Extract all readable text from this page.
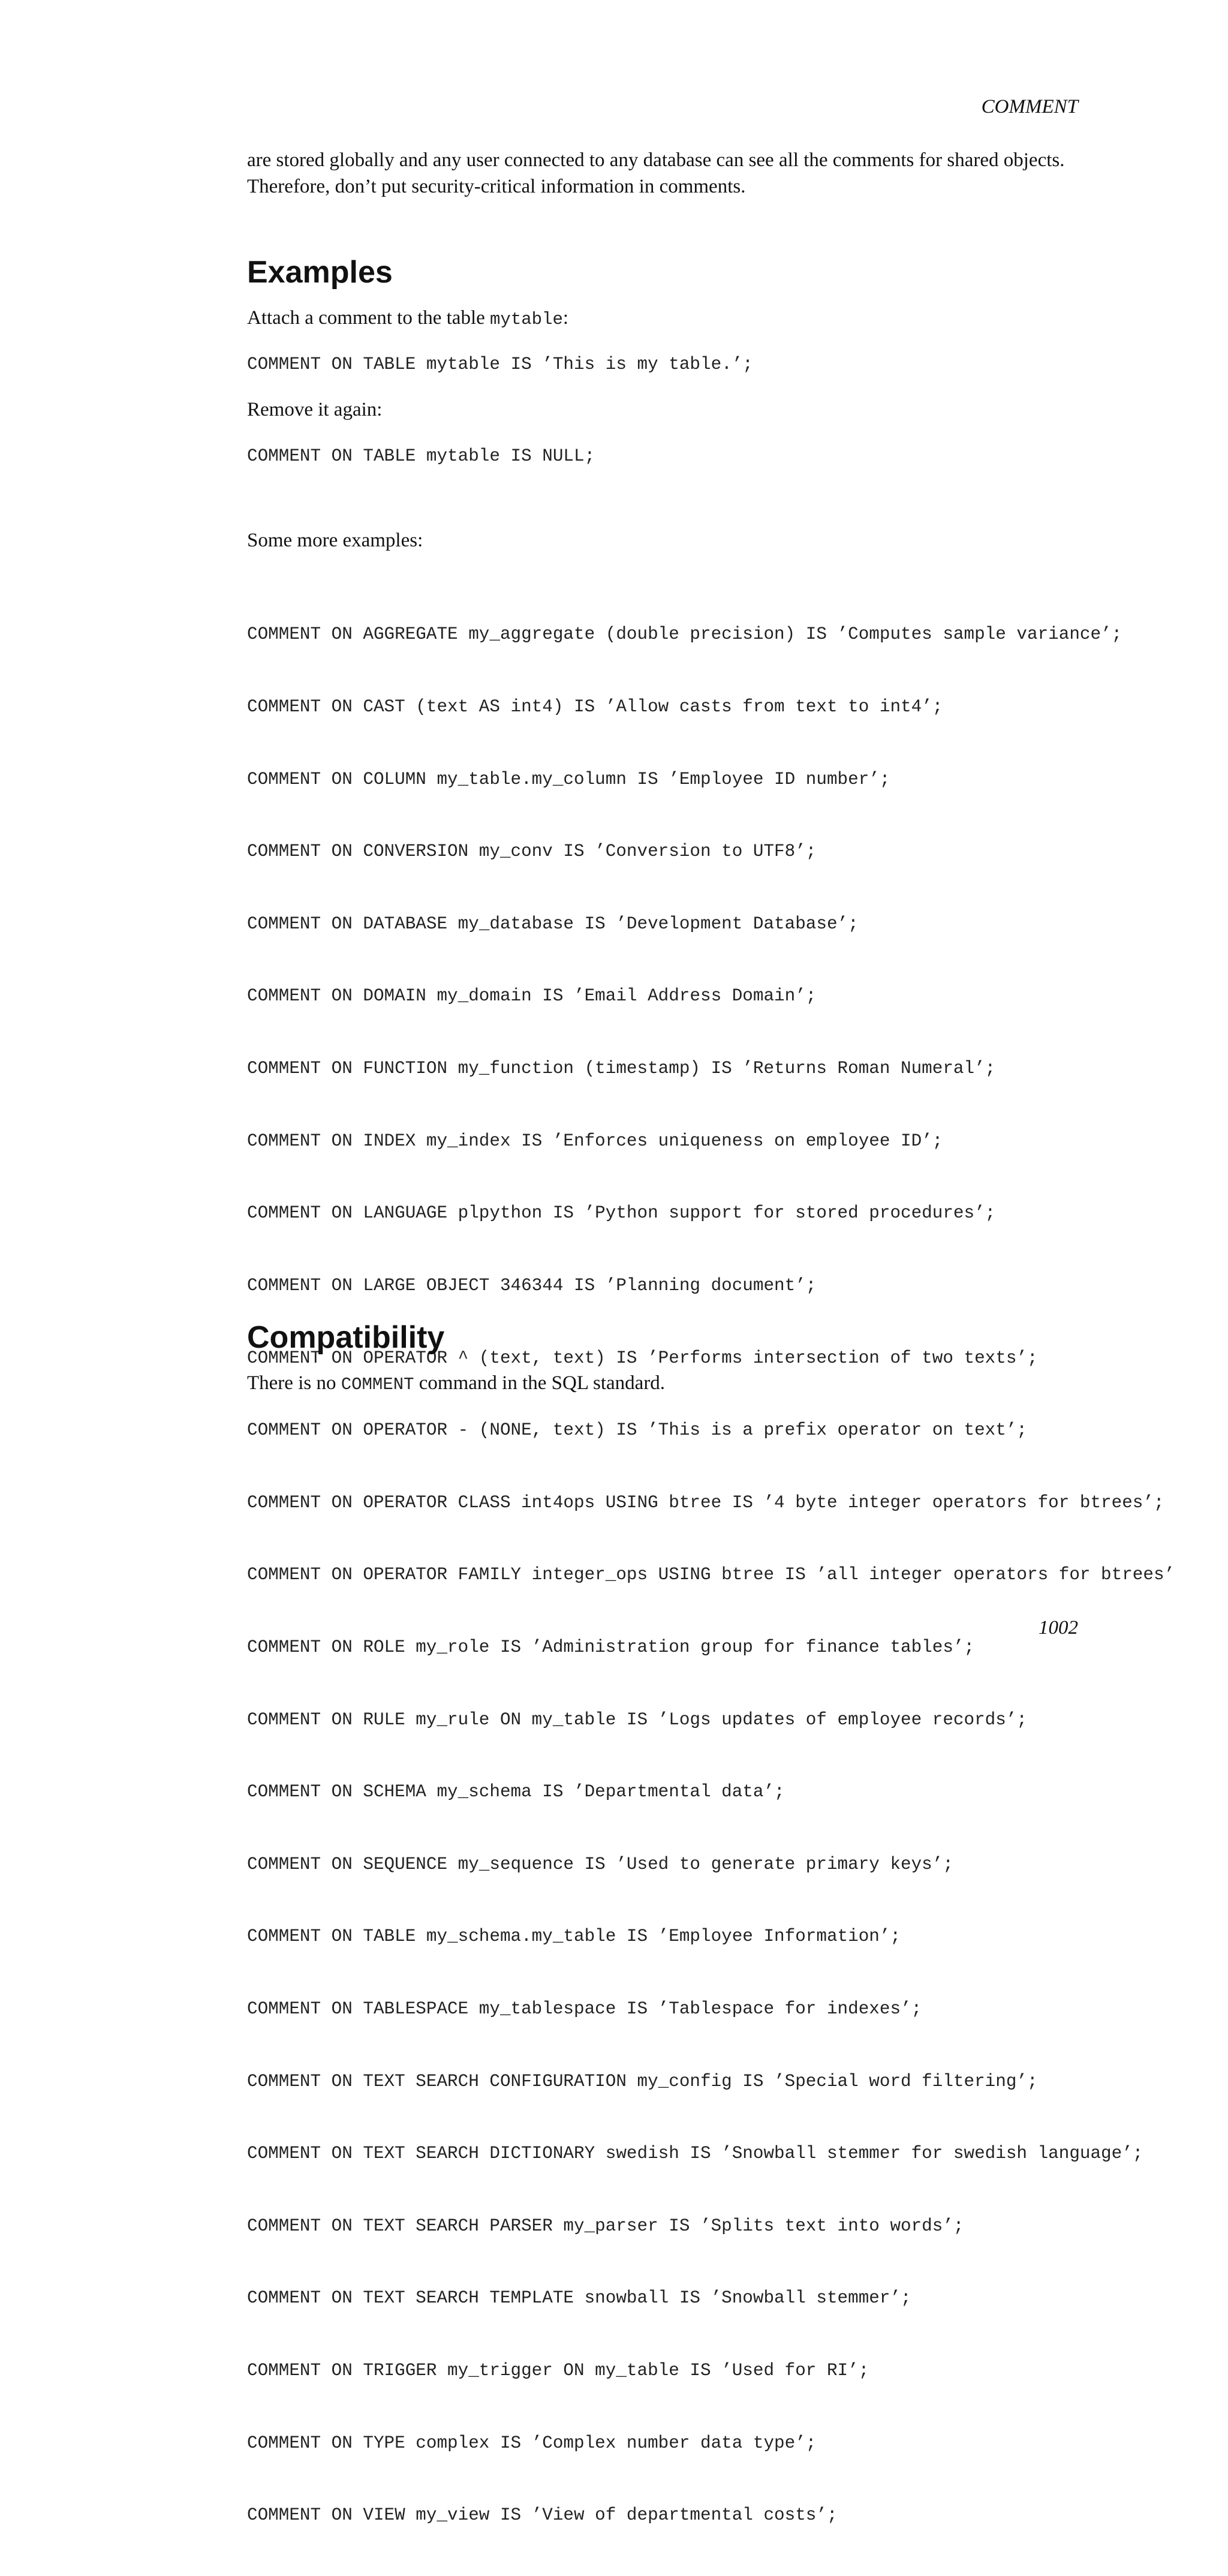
COMMENT
are stored globally and any user connected to any database can see all the comments for shared objects.
Therefore, don’t put security-critical information in comments.
Examples
Attach a comment to the table mytable:
COMMENT ON TABLE mytable IS ’This is my table.’;
Remove it again:
COMMENT ON TABLE mytable IS NULL;
Some more examples:

COMMENT ON AGGREGATE my_aggregate (double precision) IS ’Computes sample variance’;

COMMENT ON CAST (text AS int4) IS ’Allow casts from text to int4’;

COMMENT ON COLUMN my_table.my_column IS ’Employee ID number’;

COMMENT ON CONVERSION my_conv IS ’Conversion to UTF8’;

COMMENT ON DATABASE my_database IS ’Development Database’;

COMMENT ON DOMAIN my_domain IS ’Email Address Domain’;

COMMENT ON FUNCTION my_function (timestamp) IS ’Returns Roman Numeral’;

COMMENT ON INDEX my_index IS ’Enforces uniqueness on employee ID’;

COMMENT ON LANGUAGE plpython IS ’Python support for stored procedures’;

COMMENT ON LARGE OBJECT 346344 IS ’Planning document’;

COMMENT ON OPERATOR ^ (text, text) IS ’Performs intersection of two texts’;

COMMENT ON OPERATOR - (NONE, text) IS ’This is a prefix operator on text’;

COMMENT ON OPERATOR CLASS int4ops USING btree IS ’4 byte integer operators for btrees’;

COMMENT ON OPERATOR FAMILY integer_ops USING btree IS ’all integer operators for btrees’

COMMENT ON ROLE my_role IS ’Administration group for finance tables’;

COMMENT ON RULE my_rule ON my_table IS ’Logs updates of employee records’;

COMMENT ON SCHEMA my_schema IS ’Departmental data’;

COMMENT ON SEQUENCE my_sequence IS ’Used to generate primary keys’;

COMMENT ON TABLE my_schema.my_table IS ’Employee Information’;

COMMENT ON TABLESPACE my_tablespace IS ’Tablespace for indexes’;

COMMENT ON TEXT SEARCH CONFIGURATION my_config IS ’Special word filtering’;

COMMENT ON TEXT SEARCH DICTIONARY swedish IS ’Snowball stemmer for swedish language’;

COMMENT ON TEXT SEARCH PARSER my_parser IS ’Splits text into words’;

COMMENT ON TEXT SEARCH TEMPLATE snowball IS ’Snowball stemmer’;

COMMENT ON TRIGGER my_trigger ON my_table IS ’Used for RI’;

COMMENT ON TYPE complex IS ’Complex number data type’;

COMMENT ON VIEW my_view IS ’View of departmental costs’;

Compatibility
There is no COMMENT command in the SQL standard.
1002
